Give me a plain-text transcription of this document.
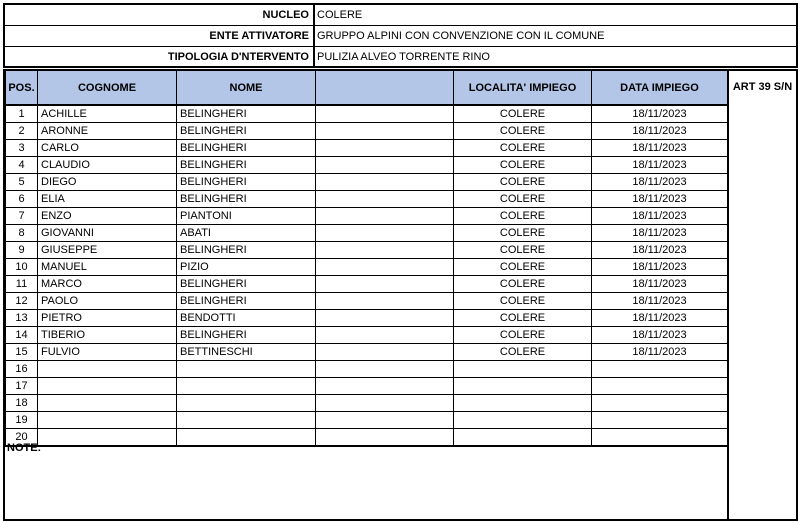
NUCLEO COLERE
ENTE ATTIVATORE GRUPPO ALPINI CON CONVENZIONE CON IL COMUNE
TIPOLOGIA D'NTERVENTO PULIZIA ALVEO TORRENTE RINO
POS.	COGNOME	NOME		LOCALITA' IMPIEGO	DATA IMPIEGO
1	ACHILLE	BELINGHERI		COLERE	18/11/2023
2	ARONNE	BELINGHERI		COLERE	18/11/2023
3	CARLO	BELINGHERI		COLERE	18/11/2023
4	CLAUDIO	BELINGHERI		COLERE	18/11/2023
5	DIEGO	BELINGHERI		COLERE	18/11/2023
6	ELIA	BELINGHERI		COLERE	18/11/2023
7	ENZO	PIANTONI		COLERE	18/11/2023
8	GIOVANNI	ABATI		COLERE	18/11/2023
9	GIUSEPPE	BELINGHERI		COLERE	18/11/2023
10	MANUEL	PIZIO		COLERE	18/11/2023
11	MARCO	BELINGHERI		COLERE	18/11/2023
12	PAOLO	BELINGHERI		COLERE	18/11/2023
13	PIETRO	BENDOTTI		COLERE	18/11/2023
14	TIBERIO	BELINGHERI		COLERE	18/11/2023
15	FULVIO	BETTINESCHI		COLERE	18/11/2023
16					
17					
18					
19					
20					
NOTE:
ART 39 S/N
